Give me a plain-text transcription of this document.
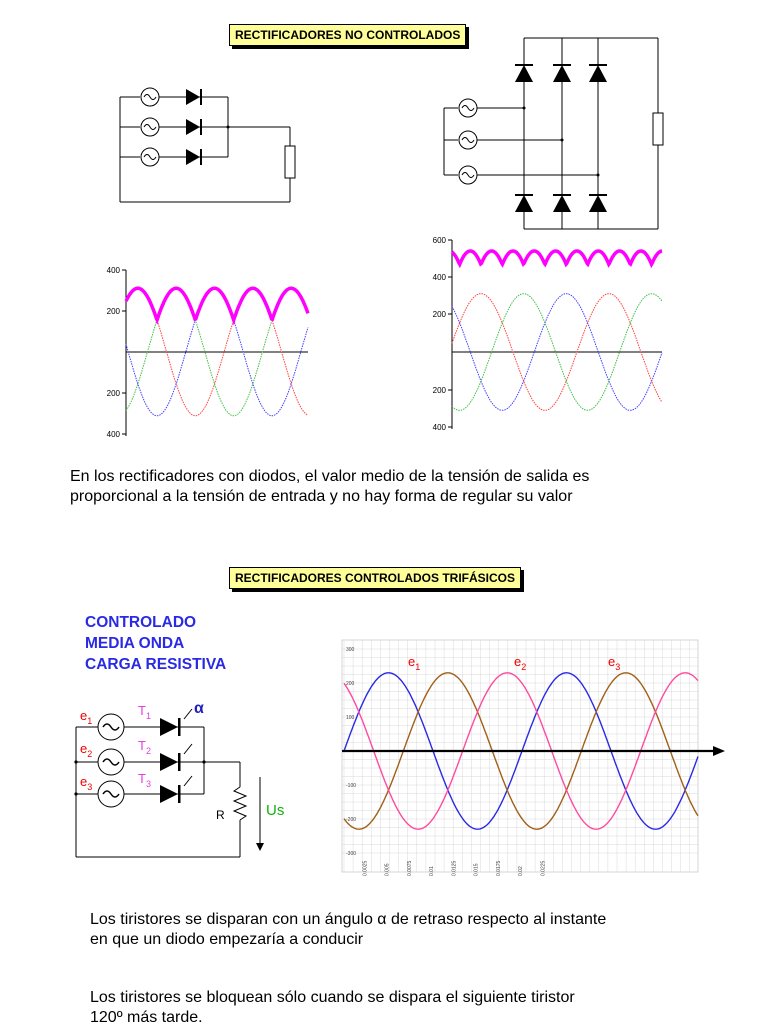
RECTIFICADORES NO CONTROLADOS
400
200
200
400
600
400
200
200
400
En los rectificadores con diodos, el valor medio de la tensión de salida es
proporcional a la tensión de entrada y no hay forma de regular su valor
RECTIFICADORES CONTROLADOS TRIFÁSICOS
CONTROLADO
MEDIA ONDA
CARGA RESISTIVA
$e_1$
$e_2$
$e_3$
$T_1$
$T_2$
$T_3$
α
R	Us
300
200
100
-100
-200
-300
0.0025	0.005	0.0075	0.01	0.0125	0.015	0.0175	0.02	0.0225
$e_1$	$e_2$	$e_3$
Los tiristores se disparan con un ángulo α de retraso respecto al instante
en que un diodo empezaría a conducir
Los tiristores se bloquean sólo cuando se dispara el siguiente tiristor
120º más tarde.
